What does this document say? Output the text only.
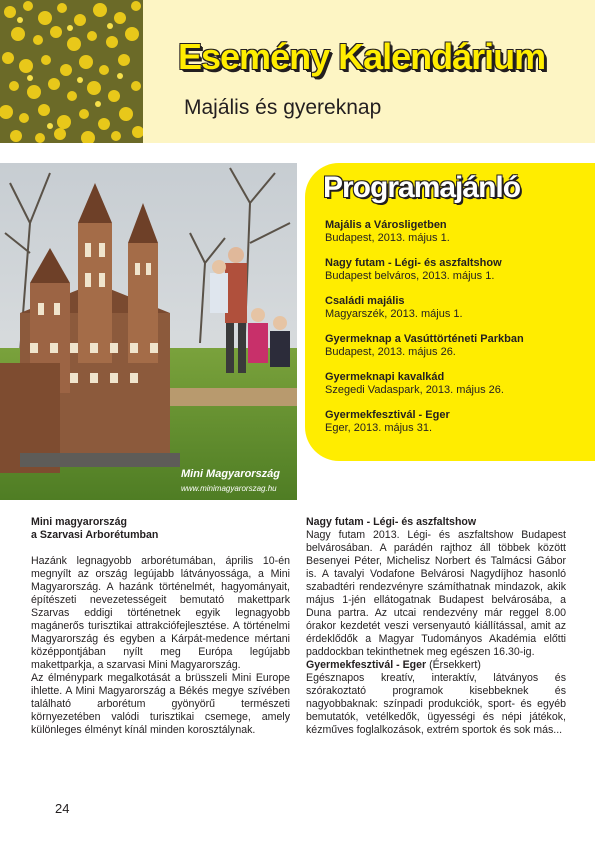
Esemény Kalendárium
Majális és gyereknap
Mini Magyarország
www.minimagyarorszag.hu
Programajánló
Majális a Városligetben
Budapest, 2013. május 1.
Nagy futam - Légi- és aszfaltshow
Budapest belváros, 2013. május 1.
Családi majális
Magyarszék, 2013. május 1.
Gyermeknap a Vasúttörténeti Parkban
Budapest, 2013. május 26.
Gyermeknapi kavalkád
Szegedi Vadaspark, 2013. május 26.
Gyermekfesztivál - Eger
Eger, 2013. május 31.
Mini magyarország
a Szarvasi Arborétumban

Hazánk legnagyobb arborétumában, április 10-én megnyílt az ország legújabb látványossága, a Mini Magyarország. A hazánk történelmét, hagyományait, építészeti nevezetességeit bemutató makettpark Szarvas eddigi történetnek egyik legnagyobb magánerős turisztikai attrakciófejlesztése. A történelmi Magyarország és egyben a Kárpát-medence mértani középpontjában nyílt meg Európa legújabb makettparkja, a szarvasi Mini Magyarország.

Az élménypark megalkotását a brüsszeli Mini Europe ihlette. A Mini Magyarország a Békés megye szívében található arborétum gyönyörű természeti környezetében valódi turisztikai csemege, amely különleges élményt kínál minden korosztálynak.

Nagy futam - Légi- és aszfaltshow

Nagy futam 2013. Légi- és aszfaltshow Budapest belvárosában. A parádén rajthoz áll többek között Besenyei Péter, Michelisz Norbert és Talmácsi Gábor is. A tavalyi Vodafone Belvárosi Nagydíjhoz hasonló szabadtéri rendezvényre számíthatnak mindazok, akik május 1-jén ellátogatnak Budapest belvárosába, a Duna partra. Az utcai rendezvény már reggel 8.00 órakor kezdetét veszi versenyautó kiállítással, amit az érdeklődők a Magyar Tudományos Akadémia előtti paddockban tekinthetnek meg egészen 16.30-ig.

Gyermekfesztivál - Eger (Érsekkert)

Egésznapos kreatív, interaktív, látványos és szórakoztató programok kisebbeknek és nagyobbaknak: színpadi produkciók, sport- és egyéb bemutatók, vetélkedők, ügyességi és népi játékok, kézműves foglalkozások, extrém sportok és sok más...

24
